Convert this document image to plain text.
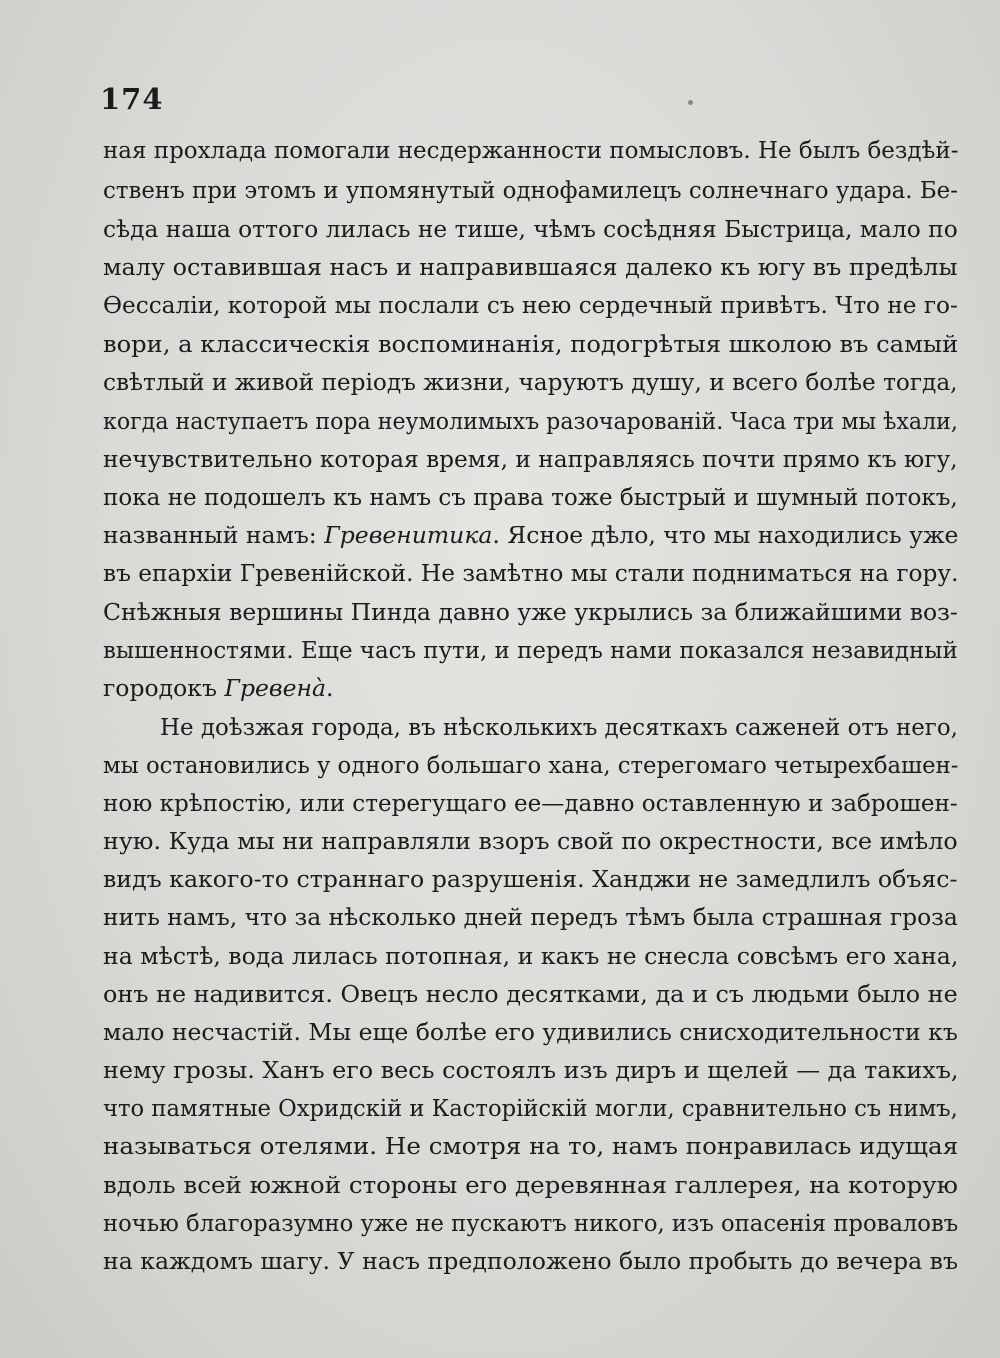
174
ная прохлада помогали несдержанности помысловъ. Не былъ бездѣй-
ственъ при этомъ и упомянутый однофамилецъ солнечнаго удара. Бе-
сѣда наша оттого лилась не тише, чѣмъ сосѣдняя Быстрица, мало по
малу оставившая насъ и направившаяся далеко къ югу въ предѣлы
Ѳессаліи, которой мы послали съ нею сердечный привѣтъ. Что не го-
вори, а классическія воспоминанія, подогрѣтыя школою въ самый
свѣтлый и живой періодъ жизни, чаруютъ душу, и всего болѣе тогда,
когда наступаетъ пора неумолимыхъ разочарованій. Часа три мы ѣхали,
нечувствительно которая время, и направляясь почти прямо къ югу,
пока не подошелъ къ намъ съ права тоже быстрый и шумный потокъ,
названный намъ: Гревенитика. Ясное дѣло, что мы находились уже
въ епархіи Гревенійской. Не замѣтно мы стали подниматься на гору.
Снѣжныя вершины Пинда давно уже укрылись за ближайшими воз-
вышенностями. Еще часъ пути, и передъ нами показался незавидный
городокъ Гревенà.
Не доѣзжая города, въ нѣсколькихъ десяткахъ саженей отъ него,
мы остановились у одного большаго хана, стерегомаго четырехбашен-
ною крѣпостію, или стерегущаго ее—давно оставленную и заброшен-
ную. Куда мы ни направляли взоръ свой по окрестности, все имѣло
видъ какого-то страннаго разрушенія. Ханджи не замедлилъ объяс-
нить намъ, что за нѣсколько дней передъ тѣмъ была страшная гроза
на мѣстѣ, вода лилась потопная, и какъ не снесла совсѣмъ его хана,
онъ не надивится. Овецъ несло десятками, да и съ людьми было не
мало несчастій. Мы еще болѣе его удивились снисходительности къ
нему грозы. Ханъ его весь состоялъ изъ диръ и щелей — да такихъ,
что памятные Охридскій и Касторійскій могли, сравнительно съ нимъ,
называться отелями. Не смотря на то, намъ понравилась идущая
вдоль всей южной стороны его деревянная галлерея, на которую
ночью благоразумно уже не пускаютъ никого, изъ опасенія проваловъ
на каждомъ шагу. У насъ предположено было пробыть до вечера въ
